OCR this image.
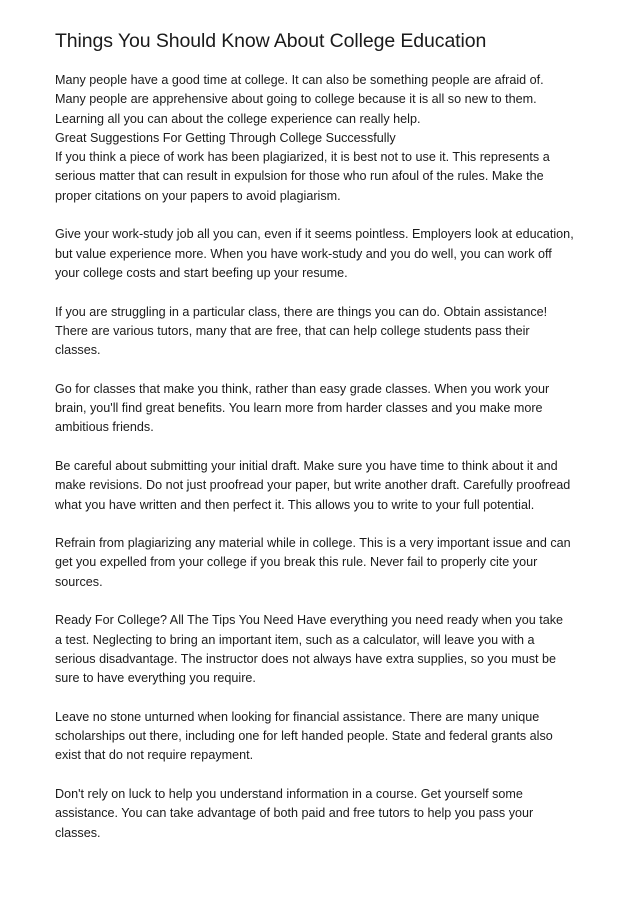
Things You Should Know About College Education

Many people have a good time at college. It can also be something people are afraid of.
Many people are apprehensive about going to college because it is all so new to them.
Learning all you can about the college experience can really help.
Great Suggestions For Getting Through College Successfully
If you think a piece of work has been plagiarized, it is best not to use it. This represents a
serious matter that can result in expulsion for those who run afoul of the rules. Make the
proper citations on your papers to avoid plagiarism.

Give your work-study job all you can, even if it seems pointless. Employers look at education,
but value experience more. When you have work-study and you do well, you can work off
your college costs and start beefing up your resume.

If you are struggling in a particular class, there are things you can do. Obtain assistance!
There are various tutors, many that are free, that can help college students pass their
classes.

Go for classes that make you think, rather than easy grade classes. When you work your
brain, you'll find great benefits. You learn more from harder classes and you make more
ambitious friends.

Be careful about submitting your initial draft. Make sure you have time to think about it and
make revisions. Do not just proofread your paper, but write another draft. Carefully proofread
what you have written and then perfect it. This allows you to write to your full potential.

Refrain from plagiarizing any material while in college. This is a very important issue and can
get you expelled from your college if you break this rule. Never fail to properly cite your
sources.

Ready For College? All The Tips You Need Have everything you need ready when you take
a test. Neglecting to bring an important item, such as a calculator, will leave you with a
serious disadvantage. The instructor does not always have extra supplies, so you must be
sure to have everything you require.

Leave no stone unturned when looking for financial assistance. There are many unique
scholarships out there, including one for left handed people. State and federal grants also
exist that do not require repayment.

Don't rely on luck to help you understand information in a course. Get yourself some
assistance. You can take advantage of both paid and free tutors to help you pass your
classes.
